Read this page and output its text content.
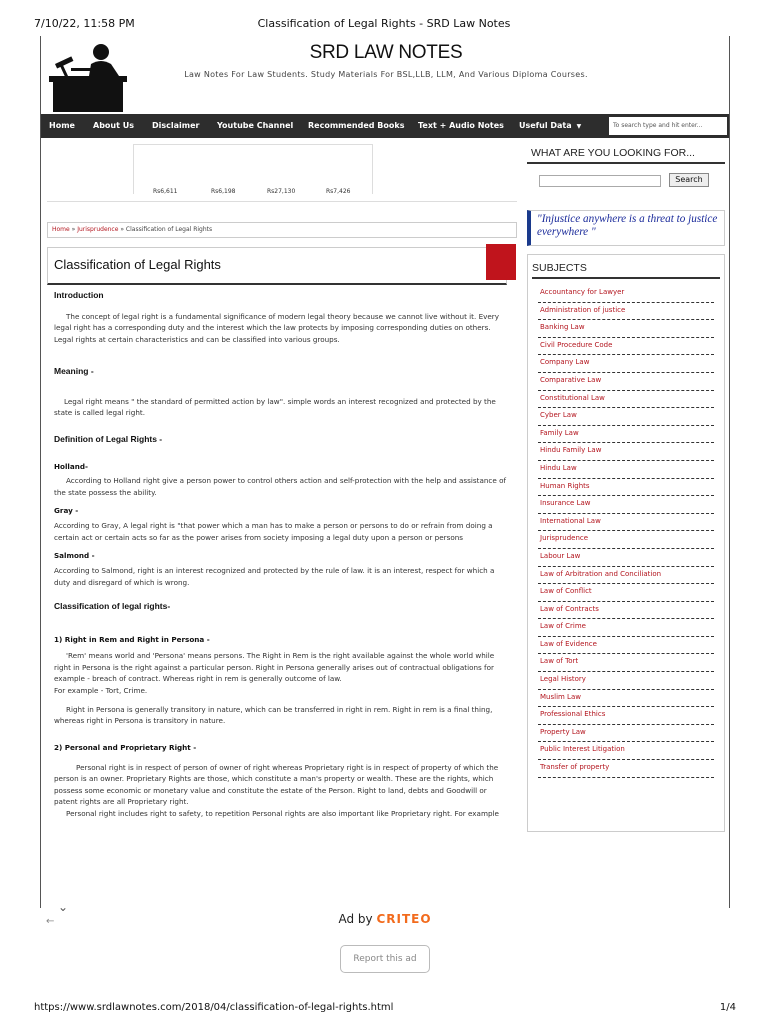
7/10/22, 11:58 PM	Classification of Legal Rights - SRD Law Notes
SRD LAW NOTES
Law Notes For Law Students. Study Materials For BSL,LLB, LLM, And Various Diploma Courses.
Home About Us Disclaimer Youtube Channel Recommended Books Text + Audio Notes Useful Data ▼	To search type and hit enter...
Rs6,611	Rs6,198	Rs27,130	Rs7,426
Home » Jurisprudence » Classification of Legal Rights
Classification of Legal Rights

Introduction

The concept of legal right is a fundamental significance of modern legal theory because we cannot live without it. Every legal right has a corresponding duty and the interest which the law protects by imposing corresponding duties on others. Legal rights at certain characteristics and can be classified into various groups.

Meaning -

Legal right means " the standard of permitted action by law". simple words an interest recognized and protected by the state is called legal right.

Definition of Legal Rights -

Holland-

According to Holland right give a person power to control others action and self-protection with the help and assistance of the state possess the ability.

Gray -

According to Gray, A legal right is "that power which a man has to make a person or persons to do or refrain from doing a certain act or certain acts so far as the power arises from society imposing a legal duty upon a person or persons

Salmond -

According to Salmond, right is an interest recognized and protected by the rule of law. it is an interest, respect for which a duty and disregard of which is wrong.

Classification of legal rights-

1) Right in Rem and Right in Persona -

'Rem' means world and 'Persona' means persons. The Right in Rem is the right available against the whole world while right in Persona is the right against a particular person. Right in Persona generally arises out of contractual obligations for example - breach of contract. Whereas right in rem is generally outcome of law.

For example - Tort, Crime.

Right in Persona is generally transitory in nature, which can be transferred in right in rem. Right in rem is a final thing, whereas right in Persona is transitory in nature.

2) Personal and Proprietary Right -

Personal right is in respect of person of owner of right whereas Proprietary right is in respect of property of which the person is an owner. Proprietary Rights are those, which constitute a man's property or wealth. These are the rights, which possess some economic or monetary value and constitute the estate of the Person. Right to land, debts and Goodwill or patent rights are all Proprietary right.

Personal right includes right to safety, to repetition Personal rights are also important like Proprietary right. For example

WHAT ARE YOU LOOKING FOR...
Search
"Injustice anywhere is a threat to justice everywhere "
SUBJECTS
Accountancy for Lawyer
Administration of justice
Banking Law
Civil Procedure Code
Company Law
Comparative Law
Constitutional Law
Cyber Law
Family Law
Hindu Family Law
Hindu Law
Human Rights
Insurance Law
International Law
Jurisprudence
Labour Law
Law of Arbitration and Conciliation
Law of Conflict
Law of Contracts
Law of Crime
Law of Evidence
Law of Tort
Legal History
Muslim Law
Professional Ethics
Property Law
Public Interest Litigation
Transfer of property
⌄
←	Ad by CRITEO
Report this ad
https://www.srdlawnotes.com/2018/04/classification-of-legal-rights.html	1/4
